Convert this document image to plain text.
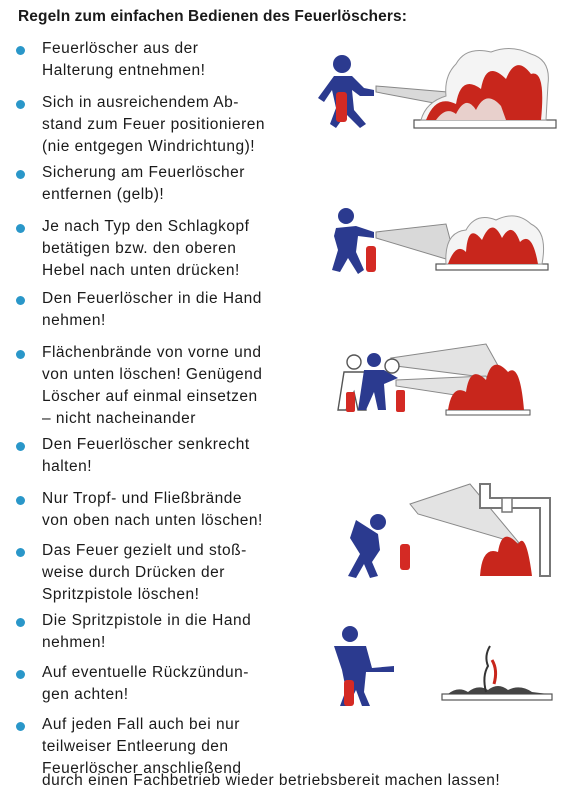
Regeln zum einfachen Bedienen des Feuerlöschers:
Feuerlöscher aus der
Halterung entnehmen!
Sich in ausreichendem Ab-
stand zum Feuer positionieren
(nie entgegen Windrichtung)!
Sicherung am Feuerlöscher
entfernen (gelb)!
Je nach Typ den Schlagkopf
betätigen bzw. den oberen
Hebel nach unten drücken!
Den Feuerlöscher in die Hand
nehmen!
Flächenbrände von vorne und
von unten löschen! Genügend
Löscher auf einmal einsetzen
– nicht nacheinander
Den Feuerlöscher senkrecht
halten!
Nur Tropf- und Fließbrände
von oben nach unten löschen!
Das Feuer gezielt und stoß-
weise durch Drücken der
Spritzpistole löschen!
Die Spritzpistole in die Hand
nehmen!
Auf eventuelle Rückzündun-
gen achten!
Auf jeden Fall auch bei nur
teilweiser Entleerung den
Feuerlöscher anschließend
durch einen Fachbetrieb wieder betriebsbereit machen lassen!
